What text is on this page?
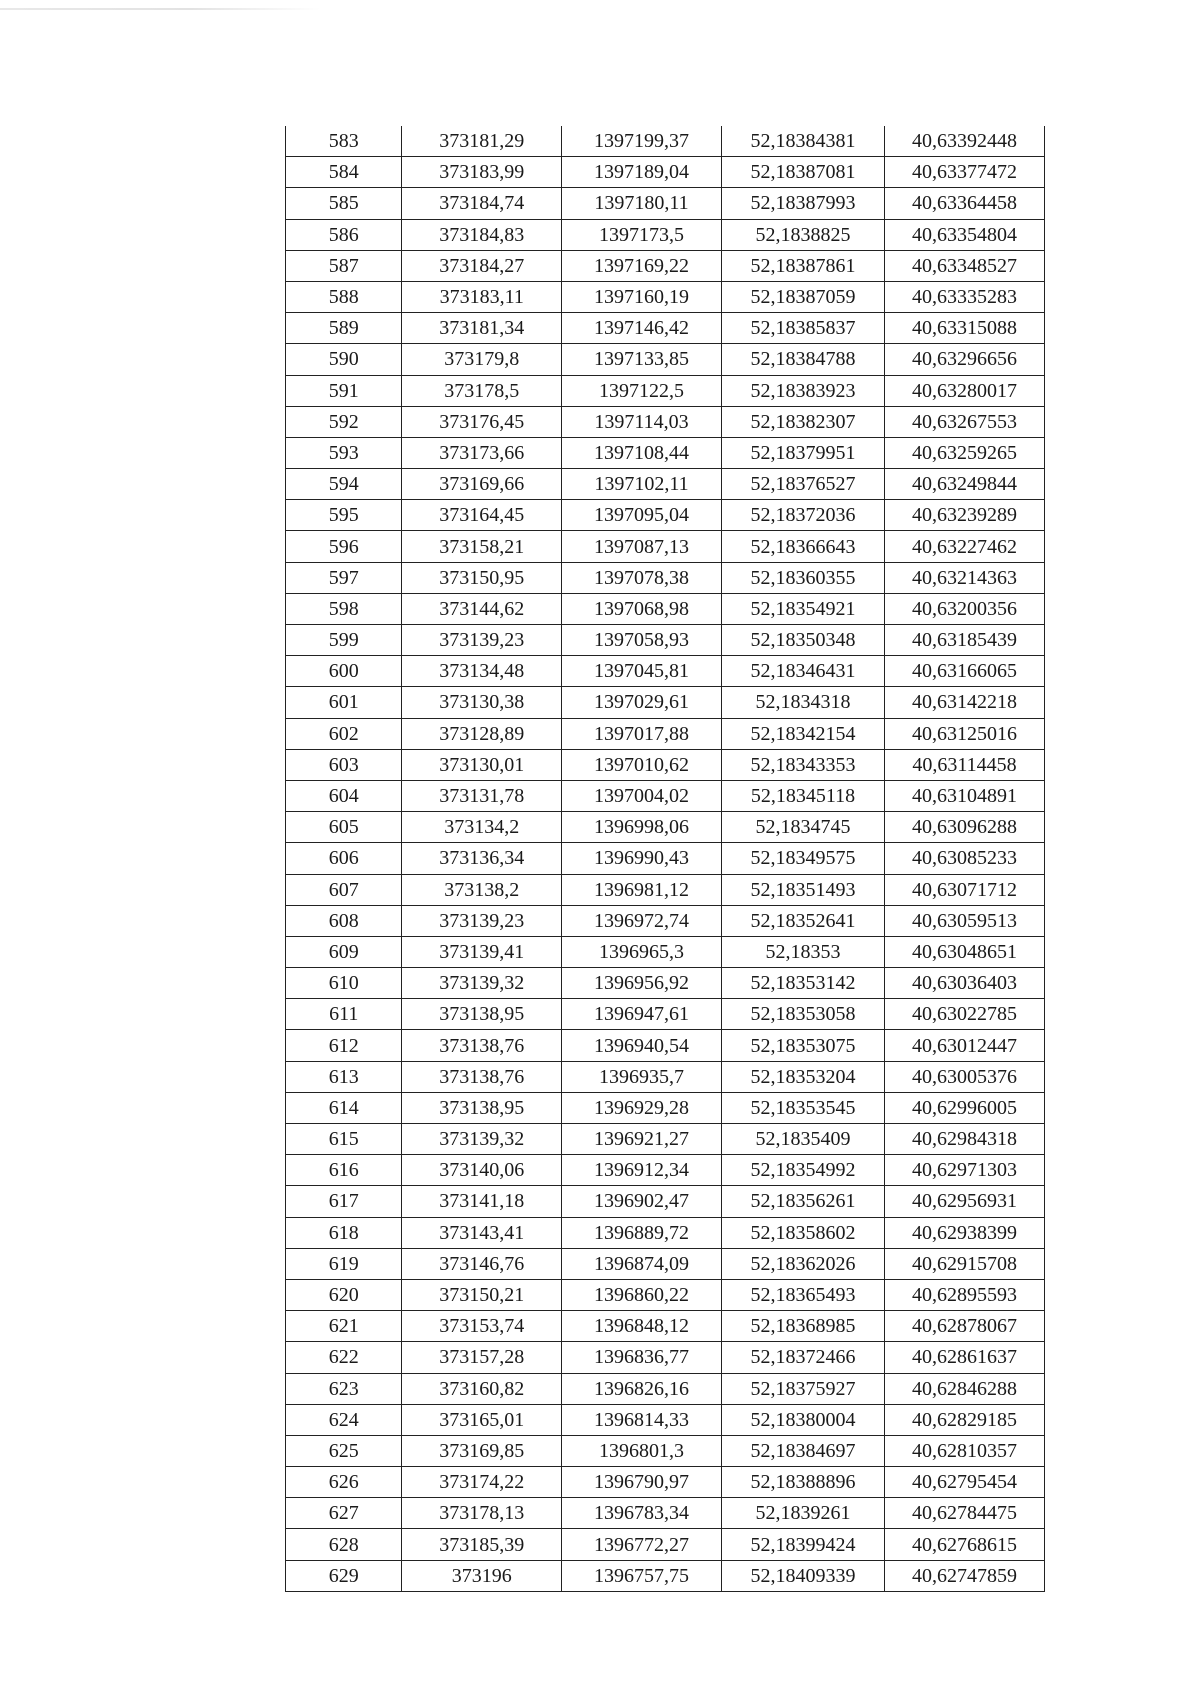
583	373181,29	1397199,37	52,18384381	40,63392448
584	373183,99	1397189,04	52,18387081	40,63377472
585	373184,74	1397180,11	52,18387993	40,63364458
586	373184,83	1397173,5	52,1838825	40,63354804
587	373184,27	1397169,22	52,18387861	40,63348527
588	373183,11	1397160,19	52,18387059	40,63335283
589	373181,34	1397146,42	52,18385837	40,63315088
590	373179,8	1397133,85	52,18384788	40,63296656
591	373178,5	1397122,5	52,18383923	40,63280017
592	373176,45	1397114,03	52,18382307	40,63267553
593	373173,66	1397108,44	52,18379951	40,63259265
594	373169,66	1397102,11	52,18376527	40,63249844
595	373164,45	1397095,04	52,18372036	40,63239289
596	373158,21	1397087,13	52,18366643	40,63227462
597	373150,95	1397078,38	52,18360355	40,63214363
598	373144,62	1397068,98	52,18354921	40,63200356
599	373139,23	1397058,93	52,18350348	40,63185439
600	373134,48	1397045,81	52,18346431	40,63166065
601	373130,38	1397029,61	52,1834318	40,63142218
602	373128,89	1397017,88	52,18342154	40,63125016
603	373130,01	1397010,62	52,18343353	40,63114458
604	373131,78	1397004,02	52,18345118	40,63104891
605	373134,2	1396998,06	52,1834745	40,63096288
606	373136,34	1396990,43	52,18349575	40,63085233
607	373138,2	1396981,12	52,18351493	40,63071712
608	373139,23	1396972,74	52,18352641	40,63059513
609	373139,41	1396965,3	52,18353	40,63048651
610	373139,32	1396956,92	52,18353142	40,63036403
611	373138,95	1396947,61	52,18353058	40,63022785
612	373138,76	1396940,54	52,18353075	40,63012447
613	373138,76	1396935,7	52,18353204	40,63005376
614	373138,95	1396929,28	52,18353545	40,62996005
615	373139,32	1396921,27	52,1835409	40,62984318
616	373140,06	1396912,34	52,18354992	40,62971303
617	373141,18	1396902,47	52,18356261	40,62956931
618	373143,41	1396889,72	52,18358602	40,62938399
619	373146,76	1396874,09	52,18362026	40,62915708
620	373150,21	1396860,22	52,18365493	40,62895593
621	373153,74	1396848,12	52,18368985	40,62878067
622	373157,28	1396836,77	52,18372466	40,62861637
623	373160,82	1396826,16	52,18375927	40,62846288
624	373165,01	1396814,33	52,18380004	40,62829185
625	373169,85	1396801,3	52,18384697	40,62810357
626	373174,22	1396790,97	52,18388896	40,62795454
627	373178,13	1396783,34	52,1839261	40,62784475
628	373185,39	1396772,27	52,18399424	40,62768615
629	373196	1396757,75	52,18409339	40,62747859
